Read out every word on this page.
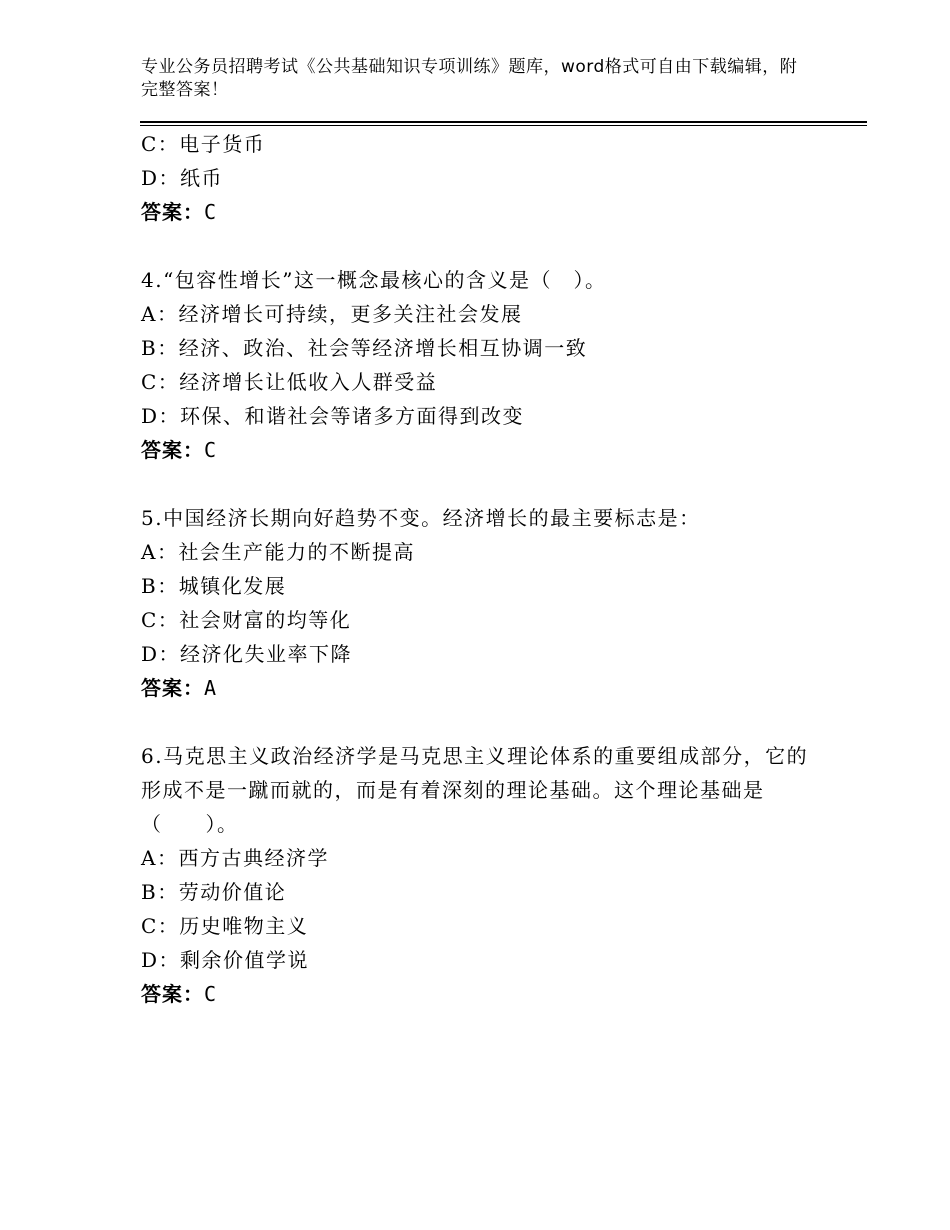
专业公务员招聘考试《公共基础知识专项训练》题库，word格式可自由下载编辑，附完整答案！
C：电子货币
D：纸币
答案：C
4.“包容性增长”这一概念最核心的含义是（　）。
A：经济增长可持续，更多关注社会发展
B：经济、政治、社会等经济增长相互协调一致
C：经济增长让低收入人群受益
D：环保、和谐社会等诸多方面得到改变
答案：C
5.中国经济长期向好趋势不变。经济增长的最主要标志是：
A：社会生产能力的不断提高
B：城镇化发展
C：社会财富的均等化
D：经济化失业率下降
答案：A
6.马克思主义政治经济学是马克思主义理论体系的重要组成部分，它的形成不是一蹴而就的，而是有着深刻的理论基础。这个理论基础是（　　）。
A：西方古典经济学
B：劳动价值论
C：历史唯物主义
D：剩余价值学说
答案：C
